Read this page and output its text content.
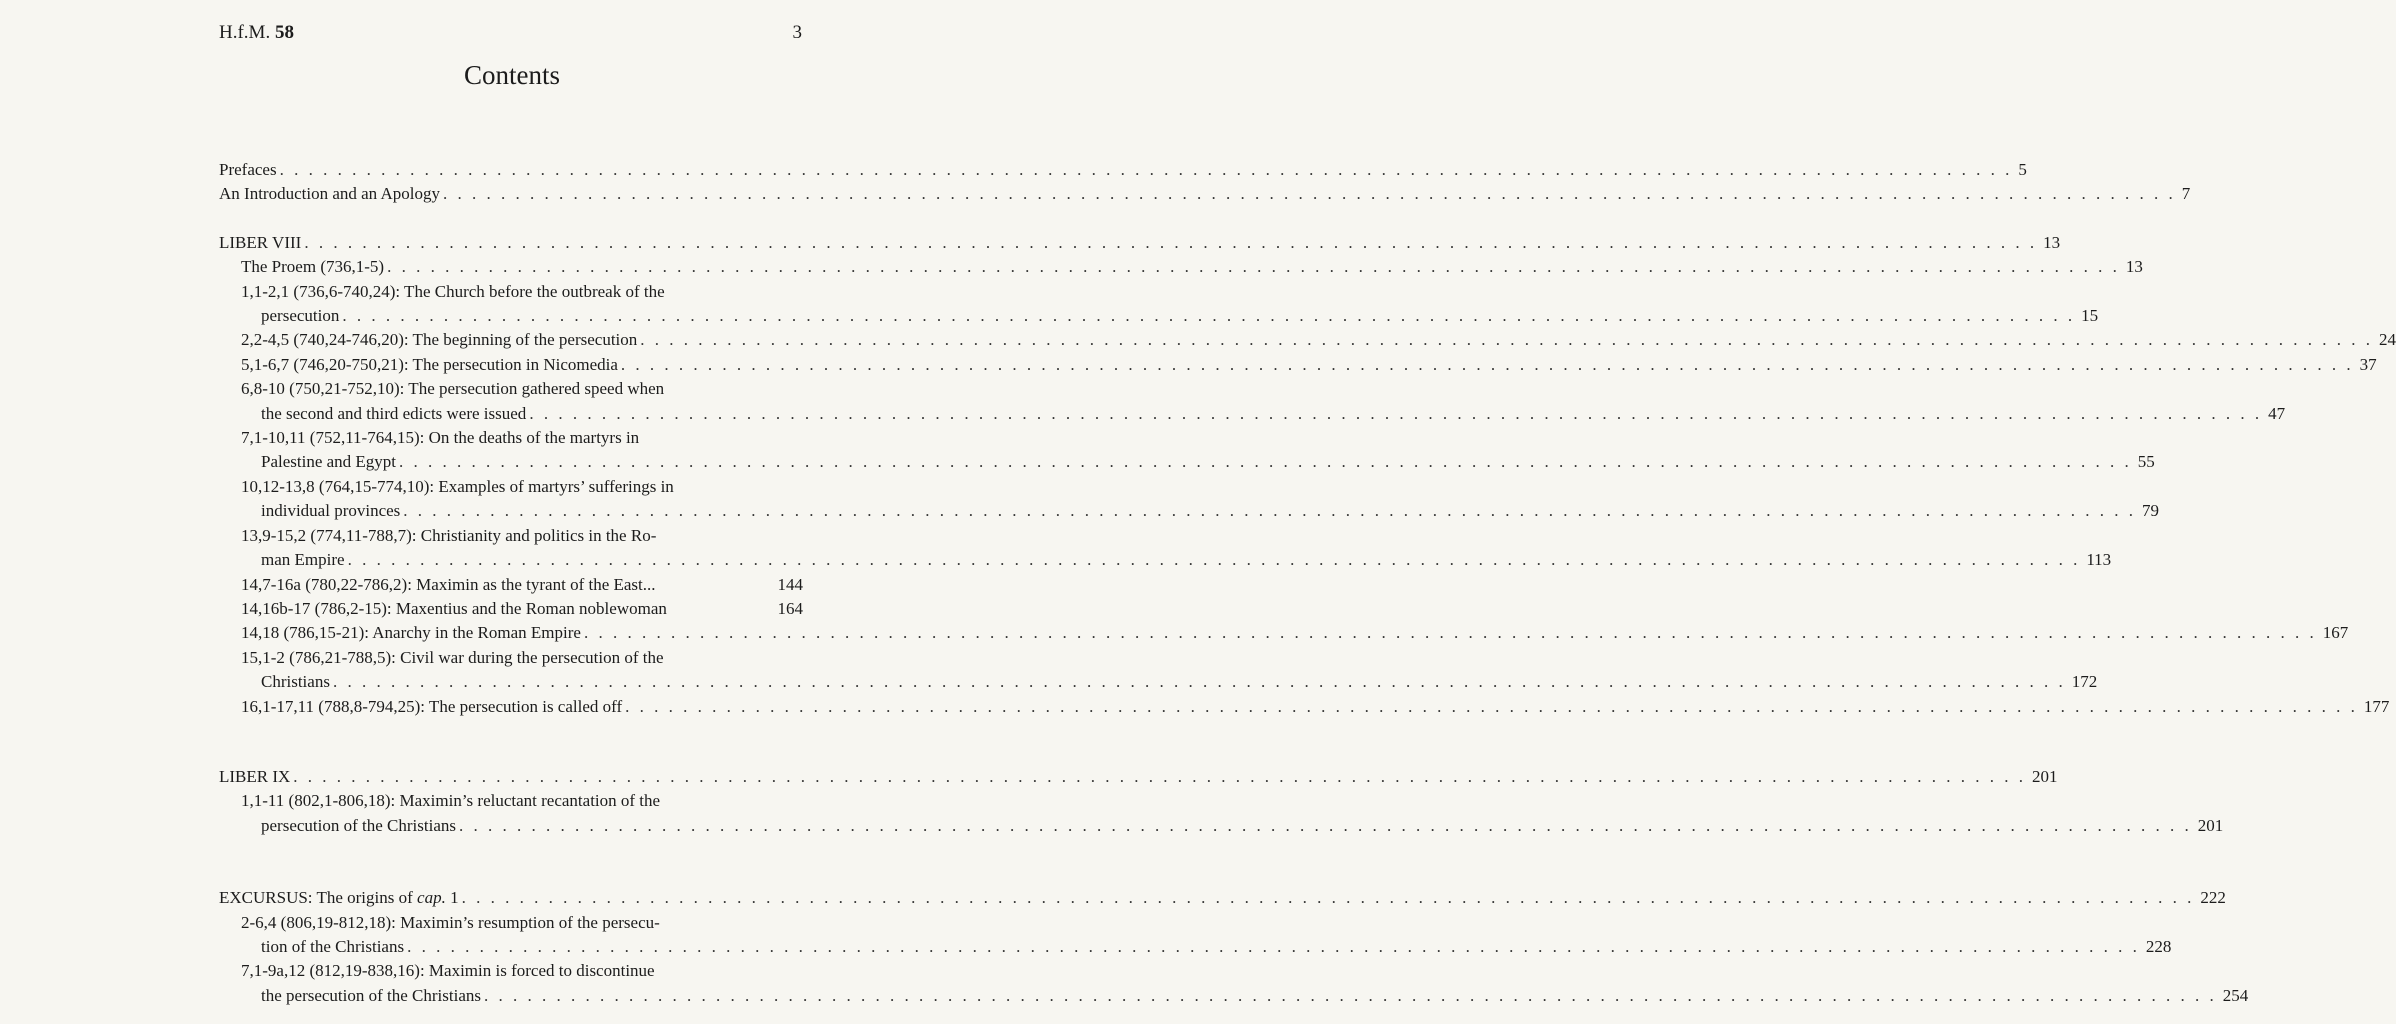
H.f.M. 58	3
Contents
Prefaces . . . . . . . . . . . . . . . . . . . . . . . . . . . . . . . . . . . . . . . . . . . . . . . . . . . . . . . . . . . . . . . . . . . . . . . . . . . . . . . . . . . . . . . . . . . . . . . . . . . . . . . . . . . . . . . . . . . . . . . . 5
An Introduction and an Apology . . . . . . . . . . . . . . . . . . . . . . . . . . . . . . . . . . . . . . . . . . . . . . . . . . . . . . . . . . . . . . . . . . . . . . . . . . . . . . . . . . . . . . . . . . . . . . . . . . . . . . . . . . . . . . . . . . . . . . . . 7
LIBER VIII . . . . . . . . . . . . . . . . . . . . . . . . . . . . . . . . . . . . . . . . . . . . . . . . . . . . . . . . . . . . . . . . . . . . . . . . . . . . . . . . . . . . . . . . . . . . . . . . . . . . . . . . . . . . . . . . . . . . . . . . 13
The Proem (736,1-5) . . . . . . . . . . . . . . . . . . . . . . . . . . . . . . . . . . . . . . . . . . . . . . . . . . . . . . . . . . . . . . . . . . . . . . . . . . . . . . . . . . . . . . . . . . . . . . . . . . . . . . . . . . . . . . . . . . . . . . . . 13
1,1-2,1 (736,6-740,24): The Church before the outbreak of the
persecution . . . . . . . . . . . . . . . . . . . . . . . . . . . . . . . . . . . . . . . . . . . . . . . . . . . . . . . . . . . . . . . . . . . . . . . . . . . . . . . . . . . . . . . . . . . . . . . . . . . . . . . . . . . . . . . . . . . . . . . . 15
2,2-4,5 (740,24-746,20): The beginning of the persecution . . . . . . . . . . . . . . . . . . . . . . . . . . . . . . . . . . . . . . . . . . . . . . . . . . . . . . . . . . . . . . . . . . . . . . . . . . . . . . . . . . . . . . . . . . . . . . . . . . . . . . . . . . . . . . . . . . . . . . . . 24
5,1-6,7 (746,20-750,21): The persecution in Nicomedia . . . . . . . . . . . . . . . . . . . . . . . . . . . . . . . . . . . . . . . . . . . . . . . . . . . . . . . . . . . . . . . . . . . . . . . . . . . . . . . . . . . . . . . . . . . . . . . . . . . . . . . . . . . . . . . . . . . . . . . . 37
6,8-10 (750,21-752,10): The persecution gathered speed when
the second and third edicts were issued . . . . . . . . . . . . . . . . . . . . . . . . . . . . . . . . . . . . . . . . . . . . . . . . . . . . . . . . . . . . . . . . . . . . . . . . . . . . . . . . . . . . . . . . . . . . . . . . . . . . . . . . . . . . . . . . . . . . . . . . 47
7,1-10,11 (752,11-764,15): On the deaths of the martyrs in
Palestine and Egypt . . . . . . . . . . . . . . . . . . . . . . . . . . . . . . . . . . . . . . . . . . . . . . . . . . . . . . . . . . . . . . . . . . . . . . . . . . . . . . . . . . . . . . . . . . . . . . . . . . . . . . . . . . . . . . . . . . . . . . . . 55
10,12-13,8 (764,15-774,10): Examples of martyrs’ sufferings in
individual provinces . . . . . . . . . . . . . . . . . . . . . . . . . . . . . . . . . . . . . . . . . . . . . . . . . . . . . . . . . . . . . . . . . . . . . . . . . . . . . . . . . . . . . . . . . . . . . . . . . . . . . . . . . . . . . . . . . . . . . . . . 79
13,9-15,2 (774,11-788,7): Christianity and politics in the Ro-
man Empire . . . . . . . . . . . . . . . . . . . . . . . . . . . . . . . . . . . . . . . . . . . . . . . . . . . . . . . . . . . . . . . . . . . . . . . . . . . . . . . . . . . . . . . . . . . . . . . . . . . . . . . . . . . . . . . . . . . . . . . . 113
14,7-16a (780,22-786,2): Maximin as the tyrant of the East...	144
14,16b-17 (786,2-15): Maxentius and the Roman noblewoman	164
14,18 (786,15-21): Anarchy in the Roman Empire . . . . . . . . . . . . . . . . . . . . . . . . . . . . . . . . . . . . . . . . . . . . . . . . . . . . . . . . . . . . . . . . . . . . . . . . . . . . . . . . . . . . . . . . . . . . . . . . . . . . . . . . . . . . . . . . . . . . . . . . 167
15,1-2 (786,21-788,5): Civil war during the persecution of the
Christians . . . . . . . . . . . . . . . . . . . . . . . . . . . . . . . . . . . . . . . . . . . . . . . . . . . . . . . . . . . . . . . . . . . . . . . . . . . . . . . . . . . . . . . . . . . . . . . . . . . . . . . . . . . . . . . . . . . . . . . . 172
16,1-17,11 (788,8-794,25): The persecution is called off . . . . . . . . . . . . . . . . . . . . . . . . . . . . . . . . . . . . . . . . . . . . . . . . . . . . . . . . . . . . . . . . . . . . . . . . . . . . . . . . . . . . . . . . . . . . . . . . . . . . . . . . . . . . . . . . . . . . . . . . 177
LIBER IX . . . . . . . . . . . . . . . . . . . . . . . . . . . . . . . . . . . . . . . . . . . . . . . . . . . . . . . . . . . . . . . . . . . . . . . . . . . . . . . . . . . . . . . . . . . . . . . . . . . . . . . . . . . . . . . . . . . . . . . . 201
1,1-11 (802,1-806,18): Maximin’s reluctant recantation of the
persecution of the Christians . . . . . . . . . . . . . . . . . . . . . . . . . . . . . . . . . . . . . . . . . . . . . . . . . . . . . . . . . . . . . . . . . . . . . . . . . . . . . . . . . . . . . . . . . . . . . . . . . . . . . . . . . . . . . . . . . . . . . . . . 201
EXCURSUS: The origins of cap. 1 . . . . . . . . . . . . . . . . . . . . . . . . . . . . . . . . . . . . . . . . . . . . . . . . . . . . . . . . . . . . . . . . . . . . . . . . . . . . . . . . . . . . . . . . . . . . . . . . . . . . . . . . . . . . . . . . . . . . . . . . 222
2-6,4 (806,19-812,18): Maximin’s resumption of the persecu-
tion of the Christians . . . . . . . . . . . . . . . . . . . . . . . . . . . . . . . . . . . . . . . . . . . . . . . . . . . . . . . . . . . . . . . . . . . . . . . . . . . . . . . . . . . . . . . . . . . . . . . . . . . . . . . . . . . . . . . . . . . . . . . . 228
7,1-9a,12 (812,19-838,16): Maximin is forced to discontinue
the persecution of the Christians . . . . . . . . . . . . . . . . . . . . . . . . . . . . . . . . . . . . . . . . . . . . . . . . . . . . . . . . . . . . . . . . . . . . . . . . . . . . . . . . . . . . . . . . . . . . . . . . . . . . . . . . . . . . . . . . . . . . . . . . 254
